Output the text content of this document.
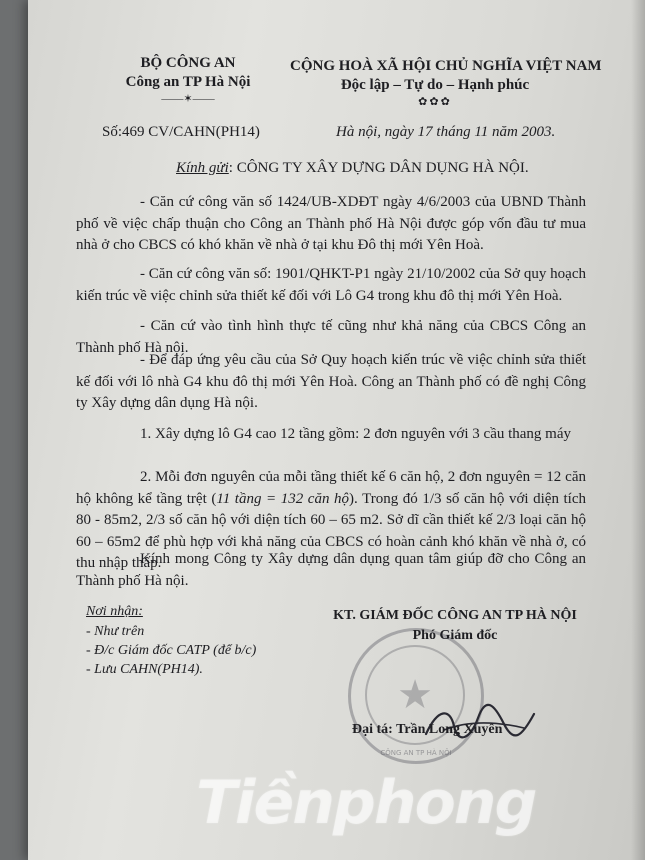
BỘ CÔNG AN
Công an TP Hà Nội
——✶——
CỘNG HOÀ XÃ HỘI CHỦ NGHĨA VIỆT NAM
Độc lập – Tự do – Hạnh phúc
✿✿✿
Số:469 CV/CAHN(PH14)	Hà nội, ngày 17 tháng 11 năm 2003.
Kính gửi: CÔNG TY XÂY DỰNG DÂN DỤNG HÀ NỘI.
- Căn cứ công văn số 1424/UB-XDĐT ngày 4/6/2003 của UBND Thành phố về việc chấp thuận cho Công an Thành phố Hà Nội được góp vốn đầu tư mua nhà ở cho CBCS có khó khăn về nhà ở tại khu Đô thị mới Yên Hoà.
- Căn cứ công văn số: 1901/QHKT-P1 ngày 21/10/2002 của Sở quy hoạch kiến trúc về việc chỉnh sửa thiết kế đối với Lô G4 trong khu đô thị mới Yên Hoà.
- Căn cứ vào tình hình thực tế cũng như khả năng của CBCS Công an Thành phố Hà nội.
- Để đáp ứng yêu cầu của Sở Quy hoạch kiến trúc về việc chỉnh sửa thiết kế đối với lô nhà G4 khu đô thị mới Yên Hoà. Công an Thành phố có đề nghị Công ty Xây dựng dân dụng Hà nội.
1. Xây dựng lô G4 cao 12 tầng gồm: 2 đơn nguyên với 3 cầu thang máy
2. Mỗi đơn nguyên của mỗi tầng thiết kế 6 căn hộ, 2 đơn nguyên = 12 căn hộ không kể tầng trệt (11 tầng = 132 căn hộ). Trong đó 1/3 số căn hộ với diện tích 80 - 85m2, 2/3 số căn hộ với diện tích 60 – 65 m2. Sở dĩ cần thiết kế 2/3 loại căn hộ 60 – 65m2 để phù hợp với khả năng của CBCS có hoàn cảnh khó khăn về nhà ở, có thu nhập thấp.
Kính mong Công ty Xây dựng dân dụng quan tâm giúp đỡ cho Công an Thành phố Hà nội.
Nơi nhận:
- Như trên
- Đ/c Giám đốc CATP (để b/c)
- Lưu CAHN(PH14).
★
CÔNG AN TP HÀ NỘI
KT. GIÁM ĐỐC CÔNG AN TP HÀ NỘI
Phó Giám đốc
Đại tá: Trần Long Xuyên
Tiềnphong
